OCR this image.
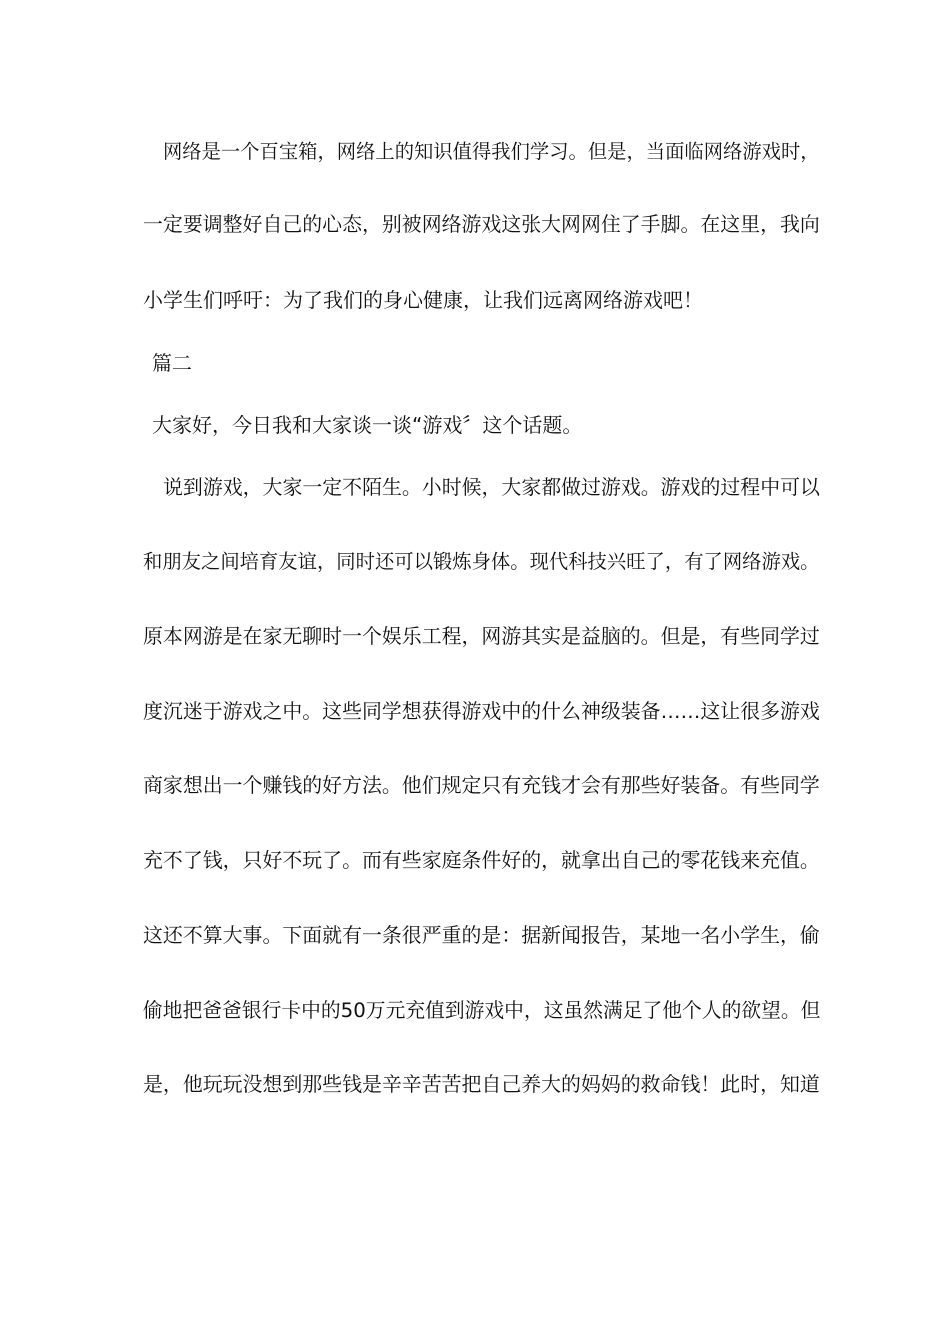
网络是一个百宝箱，网络上的知识值得我们学习。但是，当面临网络游戏时，
一定要调整好自己的心态，别被网络游戏这张大网网住了手脚。在这里，我向
小学生们呼吁：为了我们的身心健康，让我们远离网络游戏吧！
篇二
大家好，今日我和大家谈一谈“游戏〞这个话题。
说到游戏，大家一定不陌生。小时候，大家都做过游戏。游戏的过程中可以
和朋友之间培育友谊，同时还可以锻炼身体。现代科技兴旺了，有了网络游戏。
原本网游是在家无聊时一个娱乐工程，网游其实是益脑的。但是，有些同学过
度沉迷于游戏之中。这些同学想获得游戏中的什么神级装备……这让很多游戏
商家想出一个赚钱的好方法。他们规定只有充钱才会有那些好装备。有些同学
充不了钱，只好不玩了。而有些家庭条件好的，就拿出自己的零花钱来充值。
这还不算大事。下面就有一条很严重的是：据新闻报告，某地一名小学生，偷
偷地把爸爸银行卡中的50万元充值到游戏中，这虽然满足了他个人的欲望。但
是，他玩玩没想到那些钱是辛辛苦苦把自己养大的妈妈的救命钱！此时，知道
